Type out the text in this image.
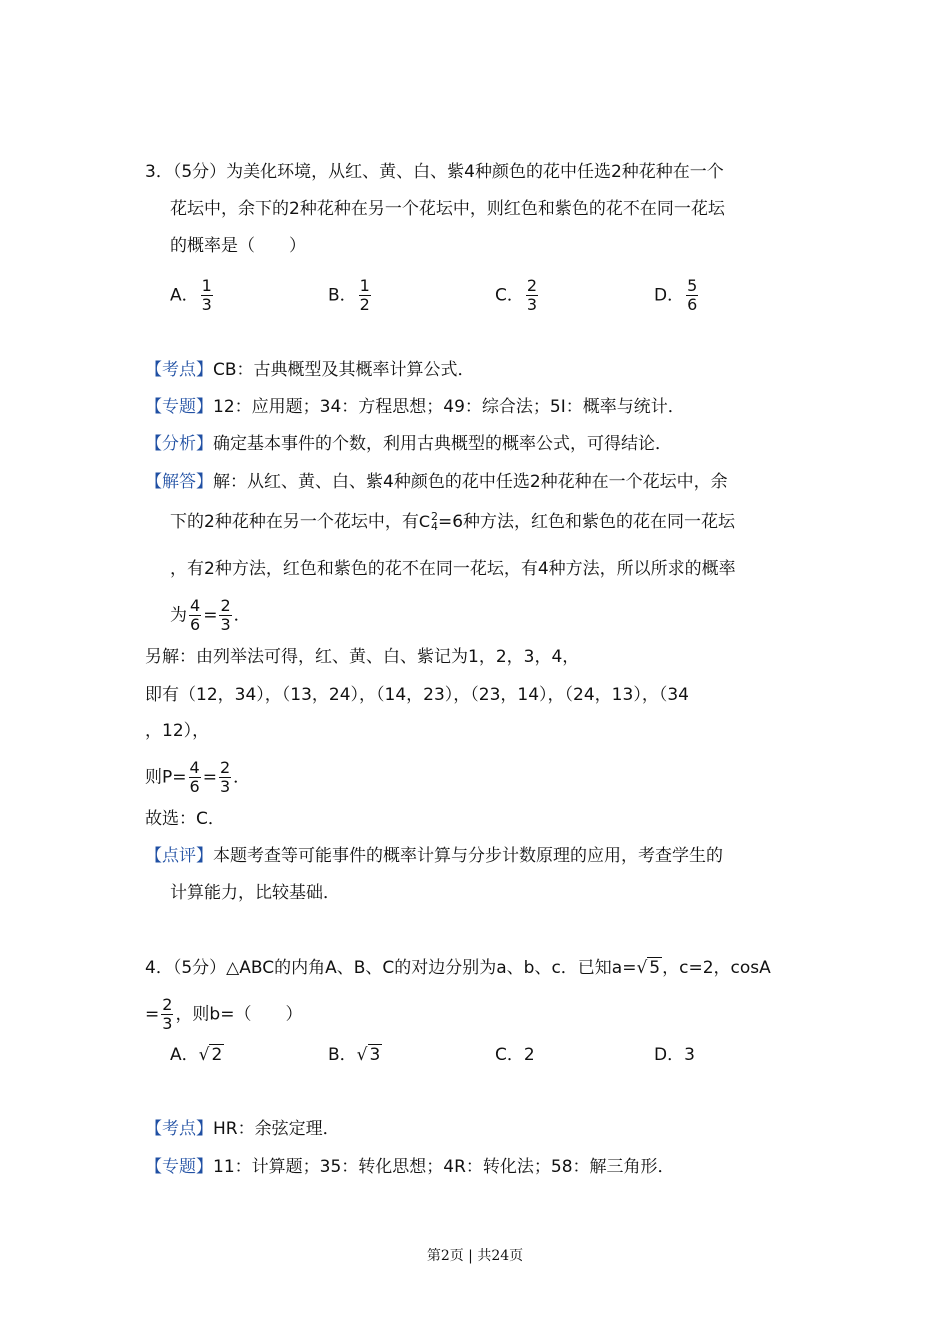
3．（5分）为美化环境，从红、黄、白、紫4种颜色的花中任选2种花种在一个
花坛中，余下的2种花种在另一个花坛中，则红色和紫色的花不在同一花坛
的概率是（　　）
A． $\frac{1}{3}$	B． $\frac{1}{2}$	C． $\frac{2}{3}$	D． $\frac{5}{6}$
【考点】CB：古典概型及其概率计算公式．
【专题】12：应用题；34：方程思想；49：综合法；5I：概率与统计．
【分析】确定基本事件的个数，利用古典概型的概率公式，可得结论．
【解答】解：从红、黄、白、紫4种颜色的花中任选2种花种在一个花坛中，余
下的2种花种在另一个花坛中，有 C 2
4 =6种方法，红色和紫色的花在同一花坛
，有2种方法，红色和紫色的花不在同一花坛，有4种方法，所以所求的概率
为 $\frac{4}{6} = \frac{2}{3}$ ．
另解：由列举法可得，红、黄、白、紫记为1，2，3，4，
即有（12，34），（13，24），（14，23），（23，14），（24，13），（34
，12），
则$P= \frac{4}{6} = \frac{2}{3}$ ．
故选：C．
【点评】本题考查等可能事件的概率计算与分步计数原理的应用，考查学生的
计算能力，比较基础．
4．（5分）△ABC的内角A、B、C的对边分别为a、b、c．已知a=√ 5 ，c=2，cosA
= $\frac{2}{3}$ ，则b=（　　）
A．√ 2	B．√ 3	C．2	D．3
【考点】HR：余弦定理．
【专题】11：计算题；35：转化思想；4R：转化法；58：解三角形．
第2页 | 共24页
